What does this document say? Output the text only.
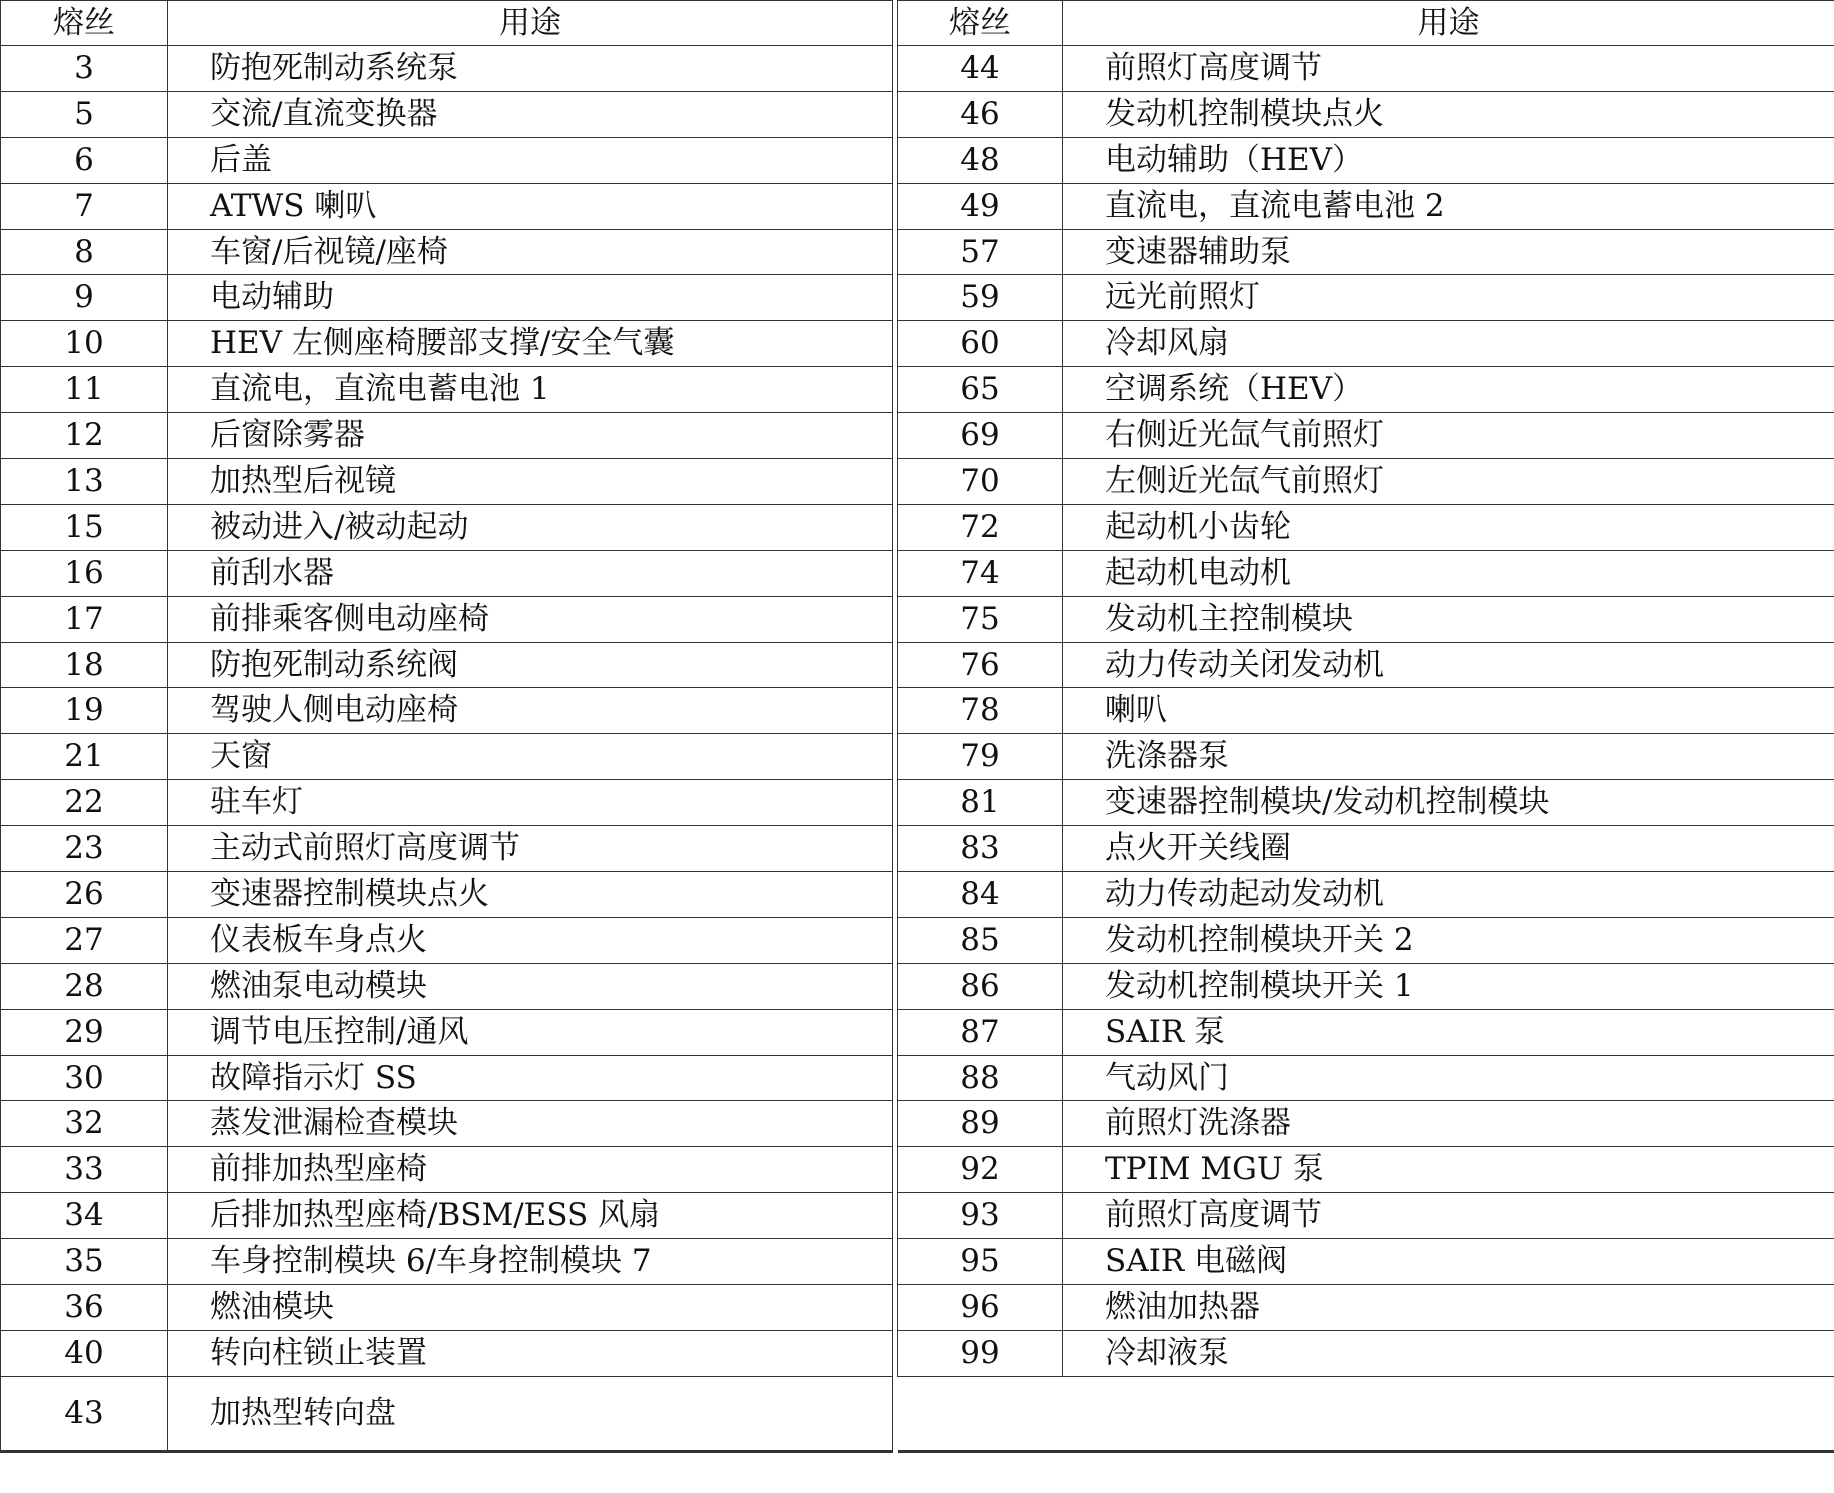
熔丝	用途
3	防抱死制动系统泵
5	交流/直流变换器
6	后盖
7	ATWS 喇叭
8	车窗/后视镜/座椅
9	电动辅助
10	HEV 左侧座椅腰部支撑/安全气囊
11	直流电，直流电蓄电池 1
12	后窗除雾器
13	加热型后视镜
15	被动进入/被动起动
16	前刮水器
17	前排乘客侧电动座椅
18	防抱死制动系统阀
19	驾驶人侧电动座椅
21	天窗
22	驻车灯
23	主动式前照灯高度调节
26	变速器控制模块点火
27	仪表板车身点火
28	燃油泵电动模块
29	调节电压控制/通风
30	故障指示灯 SS
32	蒸发泄漏检查模块
33	前排加热型座椅
34	后排加热型座椅/BSM/ESS 风扇
35	车身控制模块 6/车身控制模块 7
36	燃油模块
40	转向柱锁止装置
43	加热型转向盘
熔丝	用途
44	前照灯高度调节
46	发动机控制模块点火
48	电动辅助（HEV）
49	直流电，直流电蓄电池 2
57	变速器辅助泵
59	远光前照灯
60	冷却风扇
65	空调系统（HEV）
69	右侧近光氙气前照灯
70	左侧近光氙气前照灯
72	起动机小齿轮
74	起动机电动机
75	发动机主控制模块
76	动力传动关闭发动机
78	喇叭
79	洗涤器泵
81	变速器控制模块/发动机控制模块
83	点火开关线圈
84	动力传动起动发动机
85	发动机控制模块开关 2
86	发动机控制模块开关 1
87	SAIR 泵
88	气动风门
89	前照灯洗涤器
92	TPIM MGU 泵
93	前照灯高度调节
95	SAIR 电磁阀
96	燃油加热器
99	冷却液泵
